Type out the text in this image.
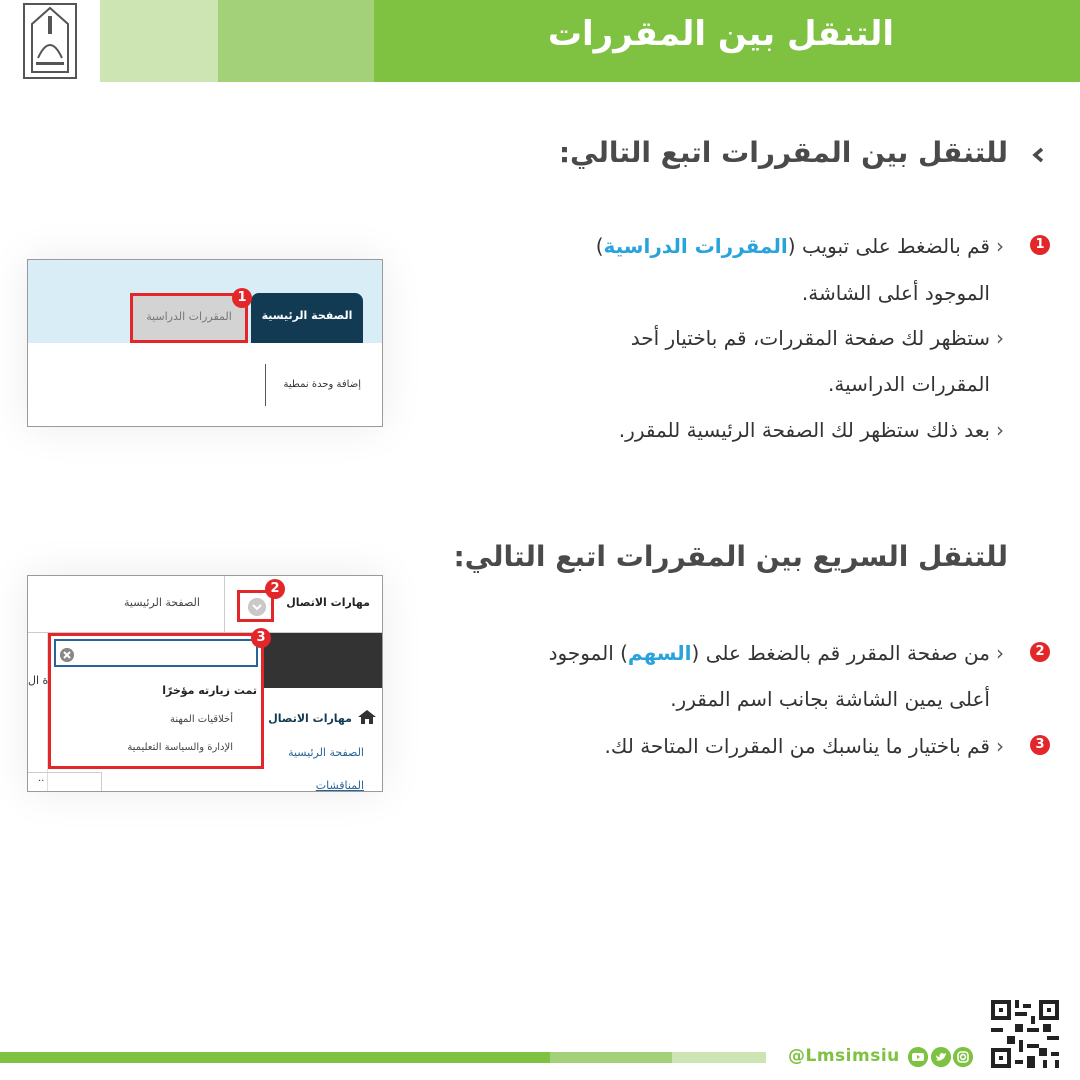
التنقل بين المقررات
للتنقل بين المقررات اتبع التالي:
1
›
قم بالضغط على تبويب (المقررات الدراسية)
الموجود أعلى الشاشة.
›
ستظهر لك صفحة المقررات، قم باختيار أحد
المقررات الدراسية.
›
بعد ذلك ستظهر لك الصفحة الرئيسية للمقرر.
الصفحة الرئيسية
المقررات الدراسية
1
إضافة وحدة نمطية
للتنقل السريع بين المقررات اتبع التالي:
2
›
من صفحة المقرر قم بالضغط على (السهم) الموجود
أعلى يمين الشاشة بجانب اسم المقرر.
3
›
قم باختيار ما يناسبك من المقررات المتاحة لك.
مهارات الاتصال
الصفحة الرئيسية
2
ة ال
..
مهارات الاتصال
الصفحة الرئيسية
المناقشات
تمت زيارته مؤخرًا
أخلاقيات المهنة
الإدارة والسياسة التعليمية
3
@Lmsimsiu
